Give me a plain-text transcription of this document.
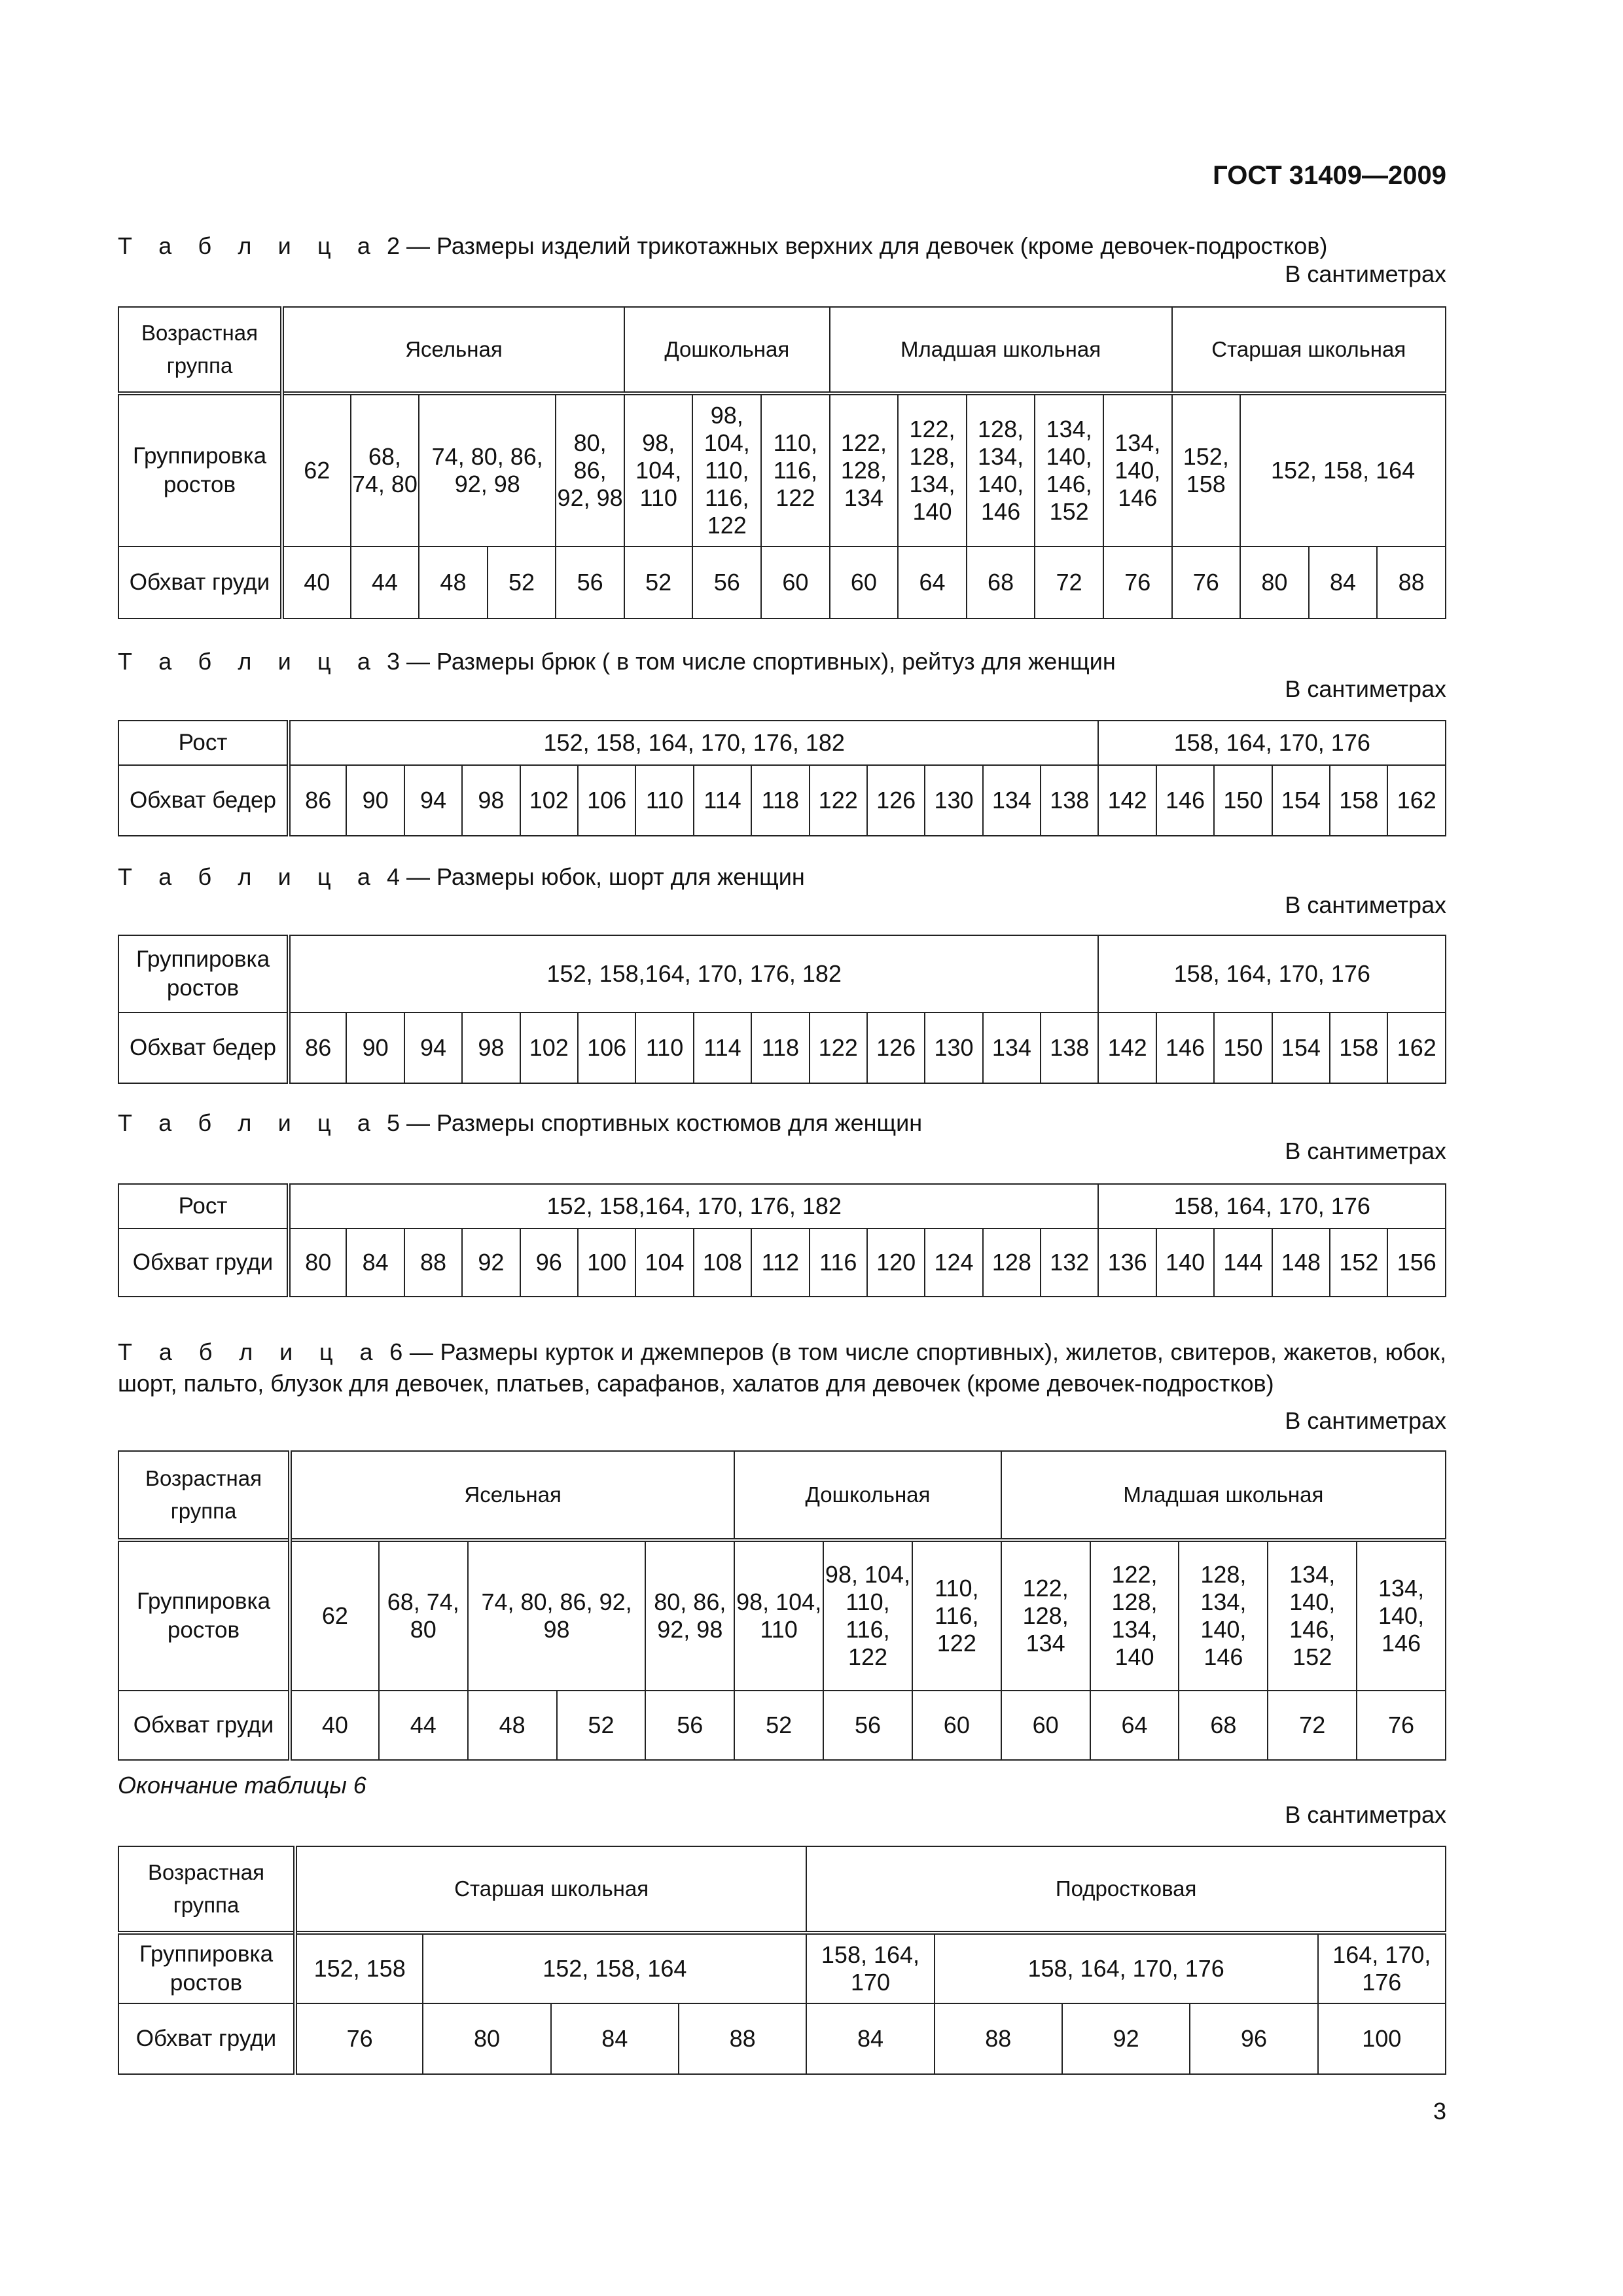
ГОСТ 31409—2009
Т а б л и ц а 2 — Размеры изделий трикотажных верхних для девочек (кроме девочек-подростков)
В сантиметрах
Возрастная группа	Ясельная					Дошкольная			Младшая школьная					Старшая школьная			
Группировка ростов	62	68, 74, 80	74, 80, 86, 92, 98		80, 86, 92, 98	98, 104, 110	98, 104, 110, 116, 122	110, 116, 122	122, 128, 134	122, 128, 134, 140	128, 134, 140, 146	134, 140, 146, 152	134, 140, 146	152, 158	152, 158, 164		
Обхват груди	40	44	48	52	56	52	56	60	60	64	68	72	76	76	80	84	88
Т а б л и ц а 3 — Размеры брюк ( в том числе спортивных), рейтуз для женщин
В сантиметрах
Рост	152, 158, 164, 170, 176, 182														158, 164, 170, 176					
Обхват бедер	86	90	94	98	102	106	110	114	118	122	126	130	134	138	142	146	150	154	158	162
Т а б л и ц а 4 — Размеры юбок, шорт для женщин
В сантиметрах
Группировка ростов	152, 158,164, 170, 176, 182														158, 164, 170, 176					
Обхват бедер	86	90	94	98	102	106	110	114	118	122	126	130	134	138	142	146	150	154	158	162
Т а б л и ц а 5 — Размеры спортивных костюмов для женщин
В сантиметрах
Рост	152, 158,164, 170, 176, 182														158, 164, 170, 176					
Обхват груди	80	84	88	92	96	100	104	108	112	116	120	124	128	132	136	140	144	148	152	156
Т а б л и ц а 6 — Размеры курток и джемперов (в том числе спортивных), жилетов, свитеров, жакетов, юбок, шорт, пальто, блузок для девочек, платьев, сарафанов, халатов для девочек (кроме девочек-подростков)
В сантиметрах
Возрастная группа	Ясельная					Дошкольная			Младшая школьная				
Группировка ростов	62	68, 74, 80	74, 80, 86, 92, 98		80, 86, 92, 98	98, 104, 110	98, 104, 110, 116, 122	110, 116, 122	122, 128, 134	122, 128, 134, 140	128, 134, 140, 146	134, 140, 146, 152	134, 140, 146
Обхват груди	40	44	48	52	56	52	56	60	60	64	68	72	76
Окончание таблицы 6
В сантиметрах
Возрастная группа	Старшая школьная				Подростковая				
Группировка ростов	152, 158	152, 158, 164			158, 164, 170	158, 164, 170, 176			164, 170, 176
Обхват груди	76	80	84	88	84	88	92	96	100
3
